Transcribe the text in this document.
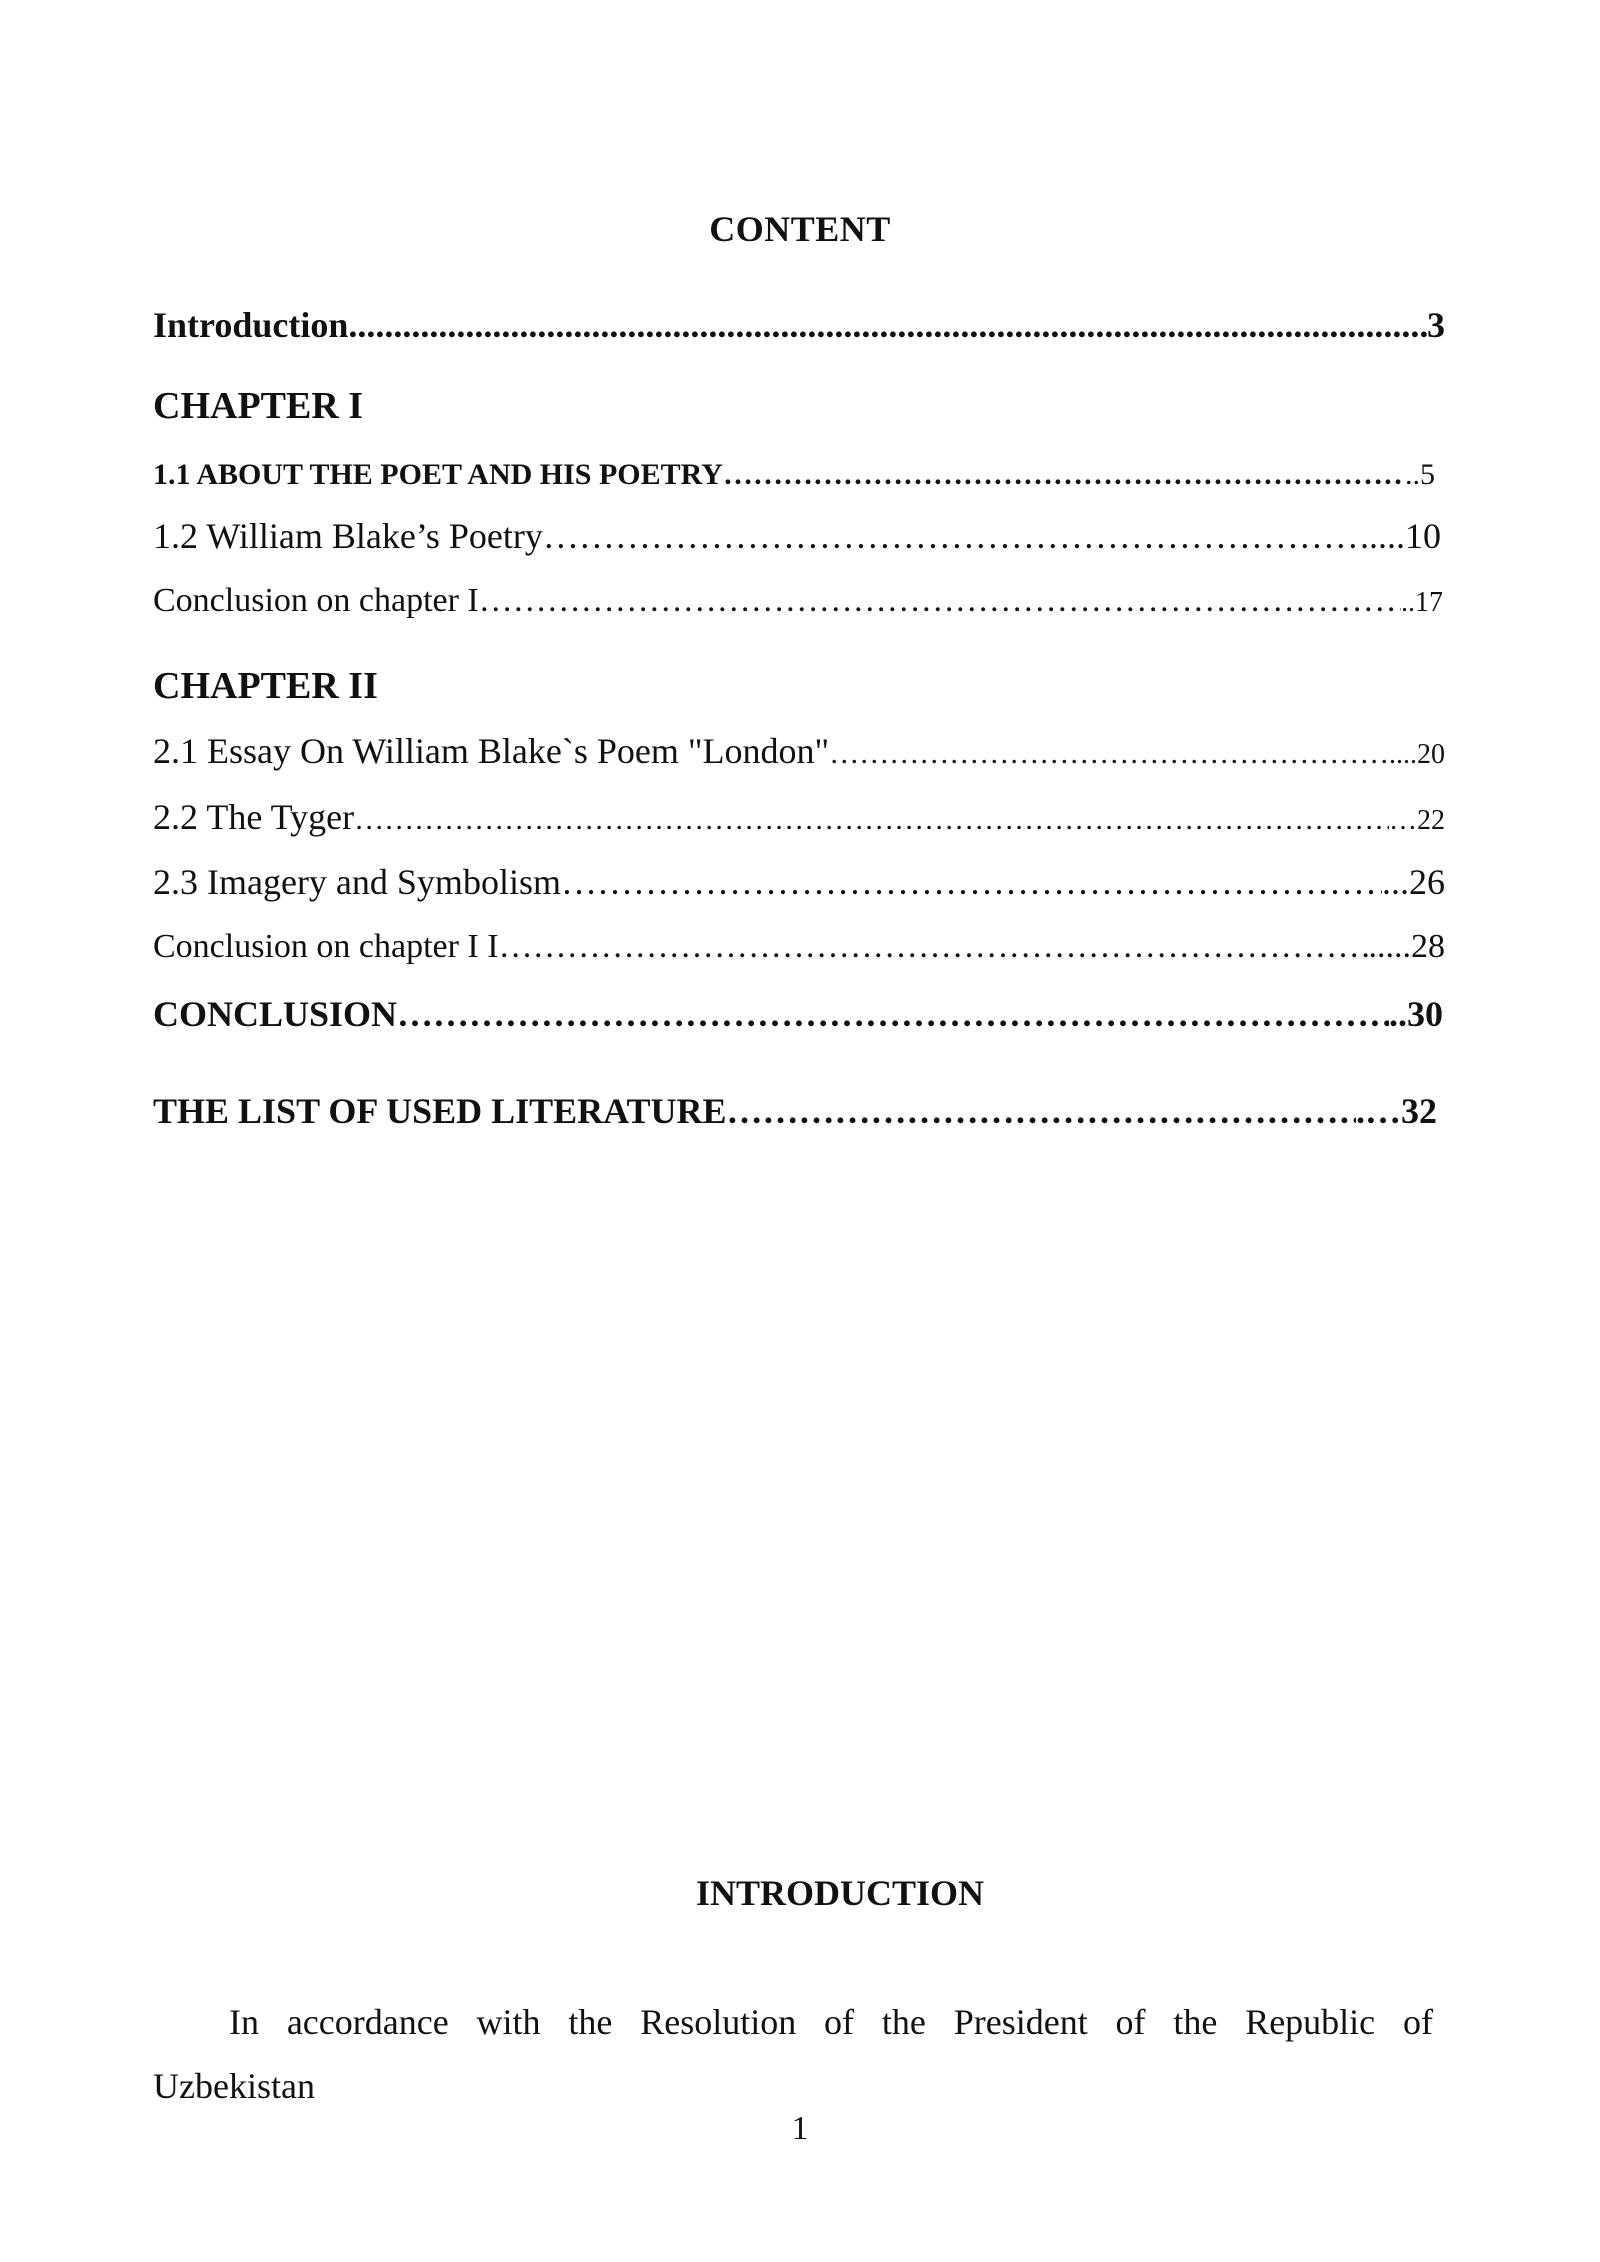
CONTENT
Introduction .....	3
CHAPTER I
1.1 ABOUT THE POET AND HIS POETRY ………………………………………………………………………………………………………………………………………………………………………………………………………………………………………	..5
1.2 William Blake’s Poetry ………………………………………………………………………………………………………………………………………………………………………………………………………………………………………	.....10
Conclusion on chapter I… ………………………………………………………………………………………………………………………………………………………………………………………………………………………………………	..17
CHAPTER II
2.1 Essay On William Blake`s Poem "London" ………………………………………………………………………………………………………………………………………………………………………………………………………………………………………	....20
2.2 The Tyger ………………………………………………………………………………………………………………………………………………………………………………………………………………………………………	…22
2.3 Imagery and Symbolism ………………………………………………………………………………………………………………………………………………………………………………………………………………………………………	...26
Conclusion on chapter I I ………………………………………………………………………………………………………………………………………………………………………………………………………………………………………	.....28
CONCLUSION ………………………………………………………………………………………………………………………………………………………………………………………………………………………………………	..30
THE LIST OF USED LITERATURE ………………………………………………………………………………………………………………………………………………………………………………………………………………………………………	.…32
INTRODUCTION
In accordance with the Resolution of the President of the Republic of
Uzbekistan
1
